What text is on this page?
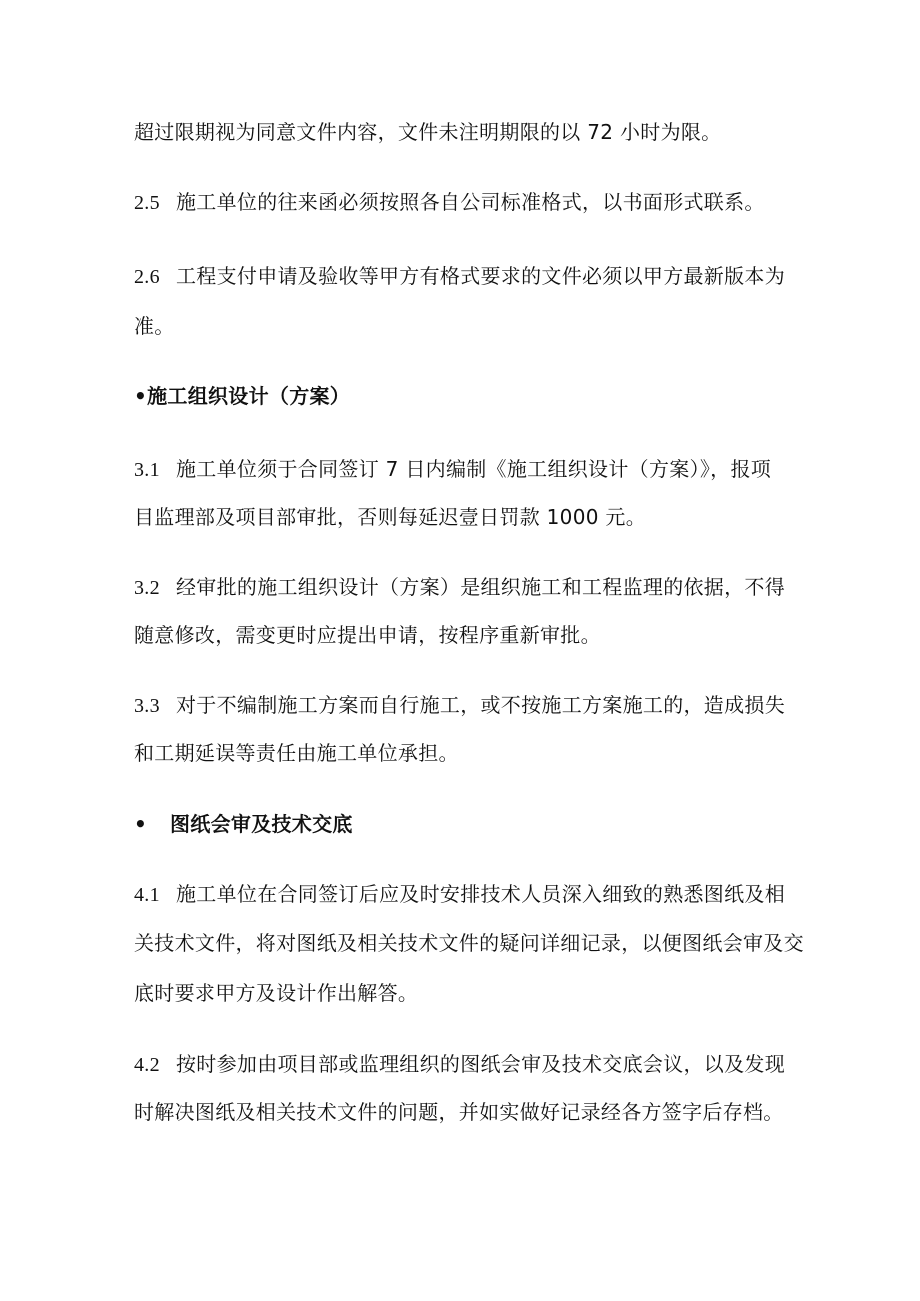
超过限期视为同意文件内容，文件未注明期限的以 72 小时为限。
2.5 施工单位的往来函必须按照各自公司标准格式，以书面形式联系。
2.6 工程支付申请及验收等甲方有格式要求的文件必须以甲方最新版本为
准。
•施工组织设计（方案）
3.1 施工单位须于合同签订 7 日内编制《施工组织设计（方案）》，报项
目监理部及项目部审批，否则每延迟壹日罚款 1000 元。
3.2 经审批的施工组织设计（方案）是组织施工和工程监理的依据，不得
随意修改，需变更时应提出申请，按程序重新审批。
3.3 对于不编制施工方案而自行施工，或不按施工方案施工的，造成损失
和工期延误等责任由施工单位承担。
• 图纸会审及技术交底
4.1 施工单位在合同签订后应及时安排技术人员深入细致的熟悉图纸及相
关技术文件，将对图纸及相关技术文件的疑问详细记录，以便图纸会审及交
底时要求甲方及设计作出解答。
4.2 按时参加由项目部或监理组织的图纸会审及技术交底会议，以及发现
时解决图纸及相关技术文件的问题，并如实做好记录经各方签字后存档。
